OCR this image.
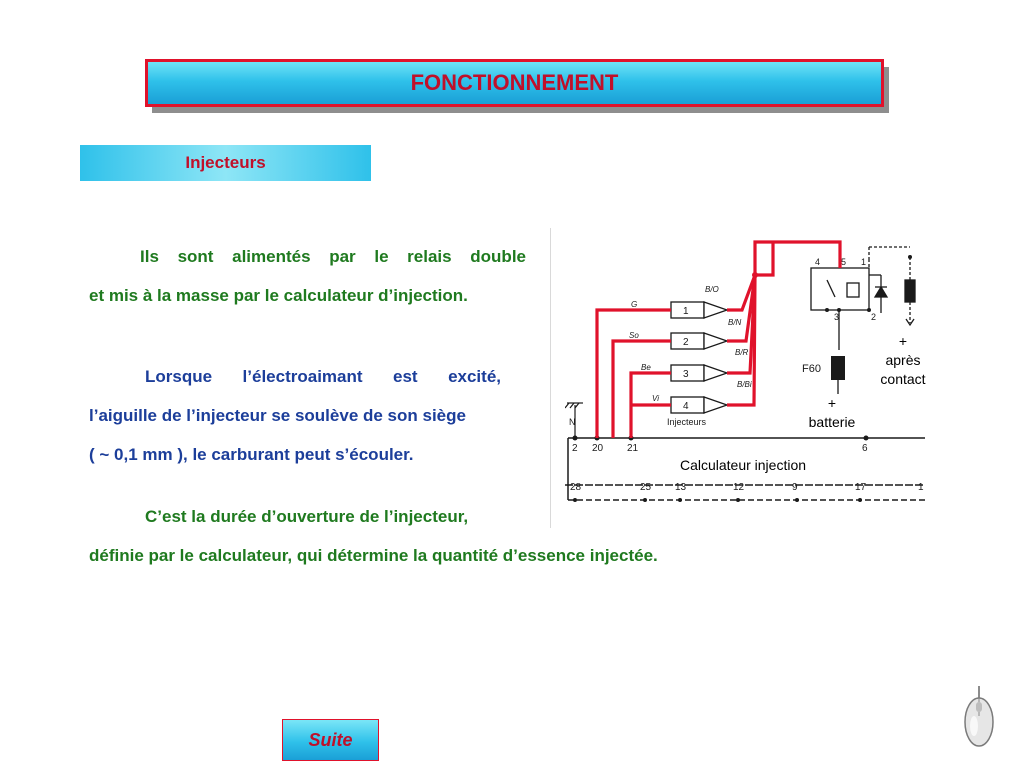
FONCTIONNEMENT
Injecteurs
Ils sont alimentés par le relais double
et mis à la masse par le calculateur d’injection.
Lorsque l’électroaimant est excité,
l’aiguille de l’injecteur se soulève de son siège
( ~ 0,1 mm ), le carburant peut s’écouler.
C’est la durée d’ouverture de l’injecteur,
définie par le calculateur, qui détermine la quantité d’essence injectée.
N
2 20 21	6
28	25 13	12	9	17	1
1
2
3
4
Injecteurs
B/O
B/N
B/R
B/Bi
G
So
Be
Vi
4 5 1
3	2
F60
+
après
contact
+
batterie
Calculateur injection
Suite
